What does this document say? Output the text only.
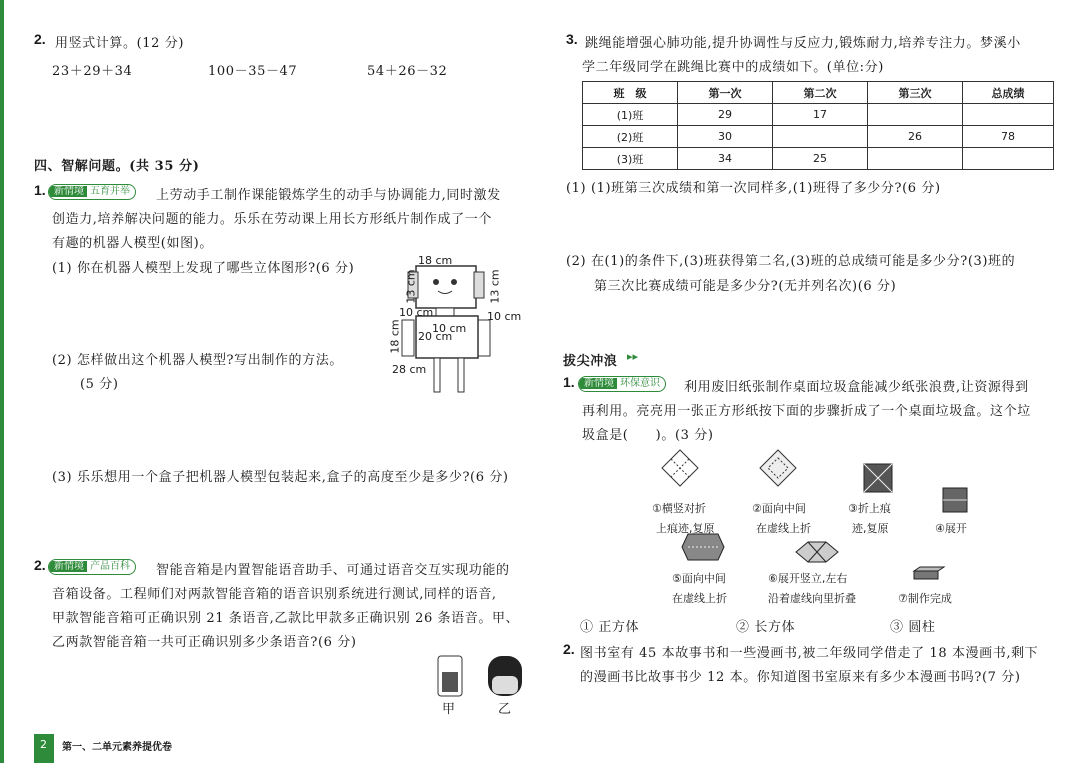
2. 用竖式计算。(12 分)
23＋29＋34	100－35－47	54＋26－32
四、智解问题。(共 35 分)
1. 新情境 五育并举	上劳动手工制作课能锻炼学生的动手与协调能力,同时激发
创造力,培养解决问题的能力。乐乐在劳动课上用长方形纸片制作成了一个
有趣的机器人模型(如图)。
(1) 你在机器人模型上发现了哪些立体图形?(6 分)
(2) 怎样做出这个机器人模型?写出制作的方法。
(5 分)
(3) 乐乐想用一个盒子把机器人模型包装起来,盒子的高度至少是多少?(6 分)
18 cm
13 cm	13 cm
10 cm
10 cm
10 cm
18 cm 20 cm
28 cm
2. 新情境 产品百科	智能音箱是内置智能语音助手、可通过语音交互实现功能的
音箱设备。工程师们对两款智能音箱的语音识别系统进行测试,同样的语音,
甲款智能音箱可正确识别 21 条语音,乙款比甲款多正确识别 26 条语音。甲、
乙两款智能音箱一共可正确识别多少条语音?(6 分)
甲	乙
2 第一、二单元素养提优卷
3. 跳绳能增强心肺功能,提升协调性与反应力,锻炼耐力,培养专注力。梦溪小
学二年级同学在跳绳比赛中的成绩如下。(单位:分)
班　级	第一次	第二次	第三次	总成绩
(1)班	29	17		
(2)班	30		26	78
(3)班	34	25		
(1) (1)班第三次成绩和第一次同样多,(1)班得了多少分?(6 分)
(2) 在(1)的条件下,(3)班获得第二名,(3)班的总成绩可能是多少分?(3)班的
第三次比赛成绩可能是多少分?(无并列名次)(6 分)
拔尖冲浪 ▸▸
1. 新情境 环保意识	利用废旧纸张制作桌面垃圾盒能减少纸张浪费,让资源得到
再利用。亮亮用一张正方形纸按下面的步骤折成了一个桌面垃圾盒。这个垃
圾盒是(　　)。(3 分)
①横竖对折
上痕迹,复原
②面向中间
在虚线上折
③折上痕
迹,复原	④展开
⑤面向中间
在虚线上折
⑥展开竖立,左右
沿着虚线向里折叠	⑦制作完成
① 正方体	② 长方体	③ 圆柱
2. 图书室有 45 本故事书和一些漫画书,被二年级同学借走了 18 本漫画书,剩下
的漫画书比故事书少 12 本。你知道图书室原来有多少本漫画书吗?(7 分)
